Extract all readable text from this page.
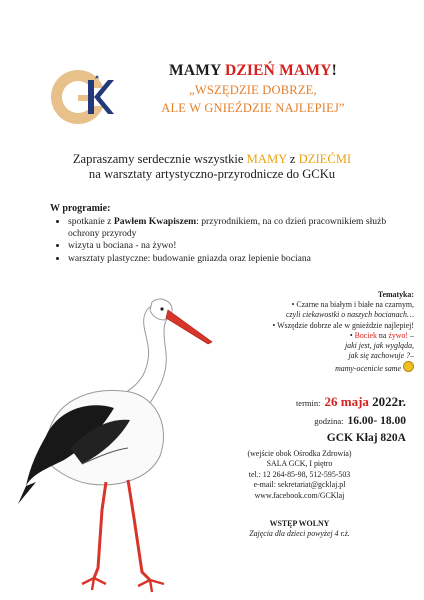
MAMY DZIEŃ MAMY!
„WSZĘDZIE DOBRZE,
ALE W GNIEŹDZIE NAJLEPIEJ”
Zapraszamy serdecznie wszystkie MAMY z DZIEĆMI
na warsztaty artystyczno-przyrodnicze do GCKu
W programie:
• spotkanie z Pawłem Kwapiszem: przyrodnikiem, na co dzień pracownikiem służb ochrony przyrody
• wizyta u bociana - na żywo!
• warsztaty plastyczne: budowanie gniazda oraz lepienie bociana
Tematyka:
• Czarne na białym i białe na czarnym,
czyli ciekawostki o naszych bocianach…
• Wszędzie dobrze ale w gnieździe najlepiej!
• Bociek na żywo! –
jaki jest, jak wygląda,
jak się zachowuje ?–
mamy-ocenicie same
termin: 26 maja 2022r.
godzina: 16.00- 18.00
GCK Kłaj 820A
(wejście obok Ośrodka Zdrowia)
SALA GCK, I piętro
tel.: 12 264-85-98, 512-595-503
e-mail: sekretariat@gcklaj.pl
www.facebook.com/GCKlaj
WSTĘP WOLNY
Zajęcia dla dzieci powyżej 4 r.ż.
